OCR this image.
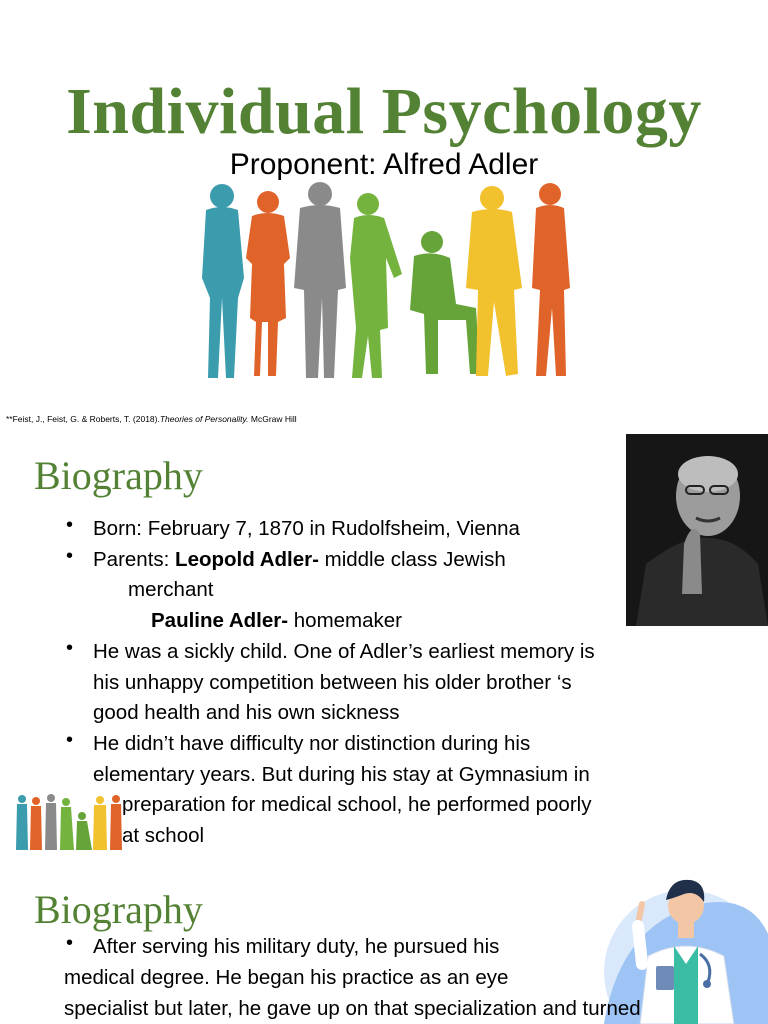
Individual Psychology

Proponent: Alfred Adler

**Feist, J., Feist, G. & Roberts, T. (2018).Theories of Personality. McGraw Hill

Biography
• Born: February 7, 1870 in Rudolfsheim, Vienna

• Parents: Leopold Adler- middle class Jewish

merchant

Pauline Adler- homemaker

• He was a sickly child. One of Adler’s earliest memory is

his unhappy competition between his older brother ‘s

good health and his own sickness

• He didn’t have difficulty nor distinction during his

elementary years. But during his stay at Gymnasium in

preparation for medical school, he performed poorly

at school

Biography
• After serving his military duty, he pursued his

medical degree. He began his practice as an eye

specialist but later, he gave up on that specialization and turned
